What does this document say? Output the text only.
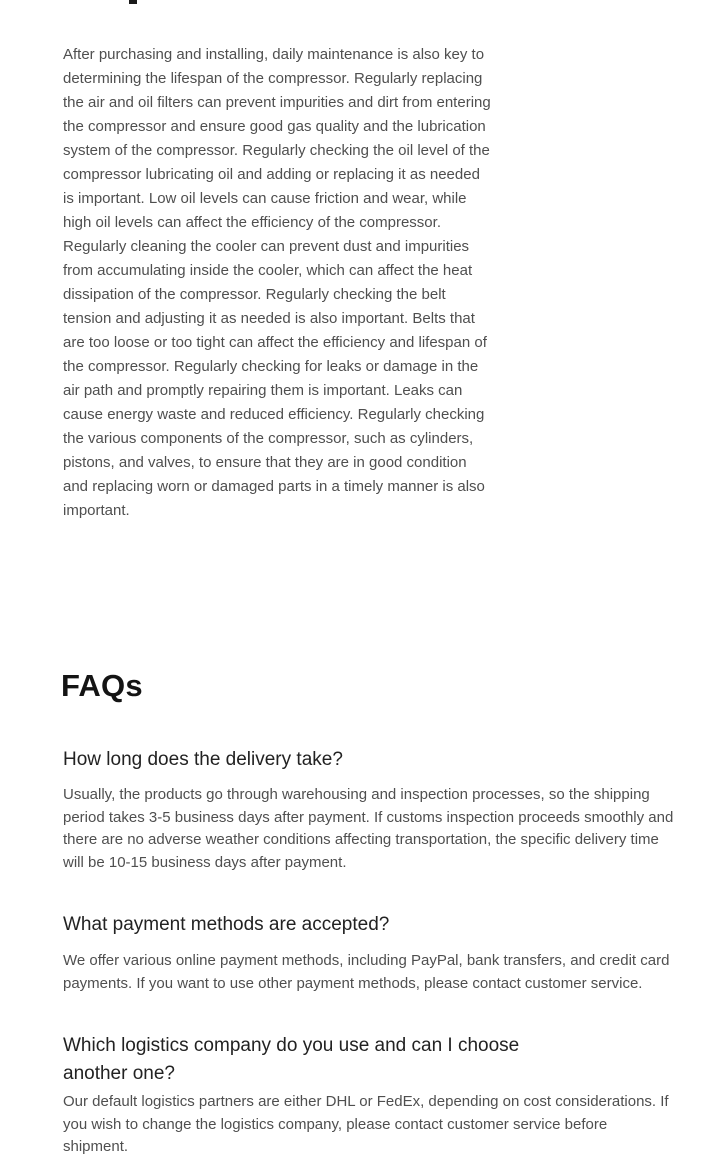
After purchasing and installing, daily maintenance is also key to determining the lifespan of the compressor. Regularly replacing the air and oil filters can prevent impurities and dirt from entering the compressor and ensure good gas quality and the lubrication system of the compressor. Regularly checking the oil level of the compressor lubricating oil and adding or replacing it as needed is important. Low oil levels can cause friction and wear, while high oil levels can affect the efficiency of the compressor. Regularly cleaning the cooler can prevent dust and impurities from accumulating inside the cooler, which can affect the heat dissipation of the compressor. Regularly checking the belt tension and adjusting it as needed is also important. Belts that are too loose or too tight can affect the efficiency and lifespan of the compressor. Regularly checking for leaks or damage in the air path and promptly repairing them is important. Leaks can cause energy waste and reduced efficiency. Regularly checking the various components of the compressor, such as cylinders, pistons, and valves, to ensure that they are in good condition and replacing worn or damaged parts in a timely manner is also important.

FAQs
How long does the delivery take?

Usually, the products go through warehousing and inspection processes, so the shipping period takes 3-5 business days after payment. If customs inspection proceeds smoothly and there are no adverse weather conditions affecting transportation, the specific delivery time will be 10-15 business days after payment.

What payment methods are accepted?

We offer various online payment methods, including PayPal, bank transfers, and credit card payments. If you want to use other payment methods, please contact customer service.

Which logistics company do you use and can I choose another one?

Our default logistics partners are either DHL or FedEx, depending on cost considerations. If you wish to change the logistics company, please contact customer service before shipment.
